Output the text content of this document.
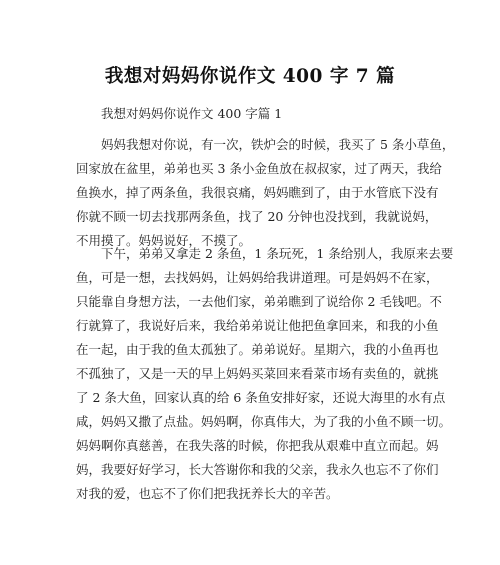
我想对妈妈你说作文 400 字 7 篇
我想对妈妈你说作文 400 字篇 1
妈妈我想对你说，有一次，铁炉会的时候，我买了 5 条小草鱼，
回家放在盆里，弟弟也买 3 条小金鱼放在叔叔家，过了两天，我给
鱼换水，掉了两条鱼，我很哀痛，妈妈瞧到了，由于水管底下没有
你就不顾一切去找那两条鱼，找了 20 分钟也没找到，我就说妈，
不用摸了。妈妈说好，不摸了。
下午，弟弟又拿走 2 条鱼，1 条玩死，1 条给别人，我原来去要
鱼，可是一想，去找妈妈，让妈妈给我讲道理。可是妈妈不在家，
只能靠自身想方法，一去他们家，弟弟瞧到了说给你 2 毛钱吧。不
行就算了，我说好后来，我给弟弟说让他把鱼拿回来，和我的小鱼
在一起，由于我的鱼太孤独了。弟弟说好。星期六，我的小鱼再也
不孤独了，又是一天的早上妈妈买菜回来看菜市场有卖鱼的，就挑
了 2 条大鱼，回家认真的给 6 条鱼安排好家，还说大海里的水有点
咸，妈妈又撒了点盐。妈妈啊，你真伟大，为了我的小鱼不顾一切。
妈妈啊你真慈善，在我失落的时候，你把我从艰难中直立而起。妈
妈，我要好好学习，长大答谢你和我的父亲，我永久也忘不了你们
对我的爱，也忘不了你们把我抚养长大的辛苦。
